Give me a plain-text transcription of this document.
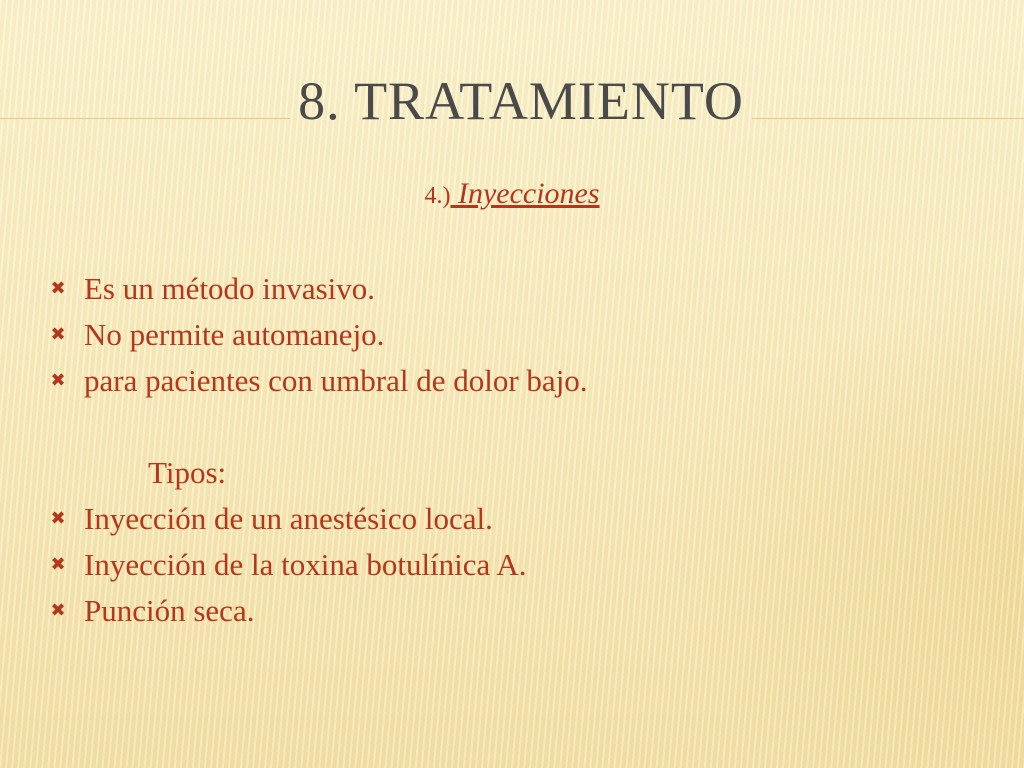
8. TRATAMIENTO
4.) Inyecciones
✖ Es un método invasivo.
✖ No permite automanejo.
✖ para pacientes con umbral de dolor bajo.
✖ Inyección de un anestésico local.
✖ Inyección de la toxina botulínica A.
✖ Punción seca.
Tipos:
